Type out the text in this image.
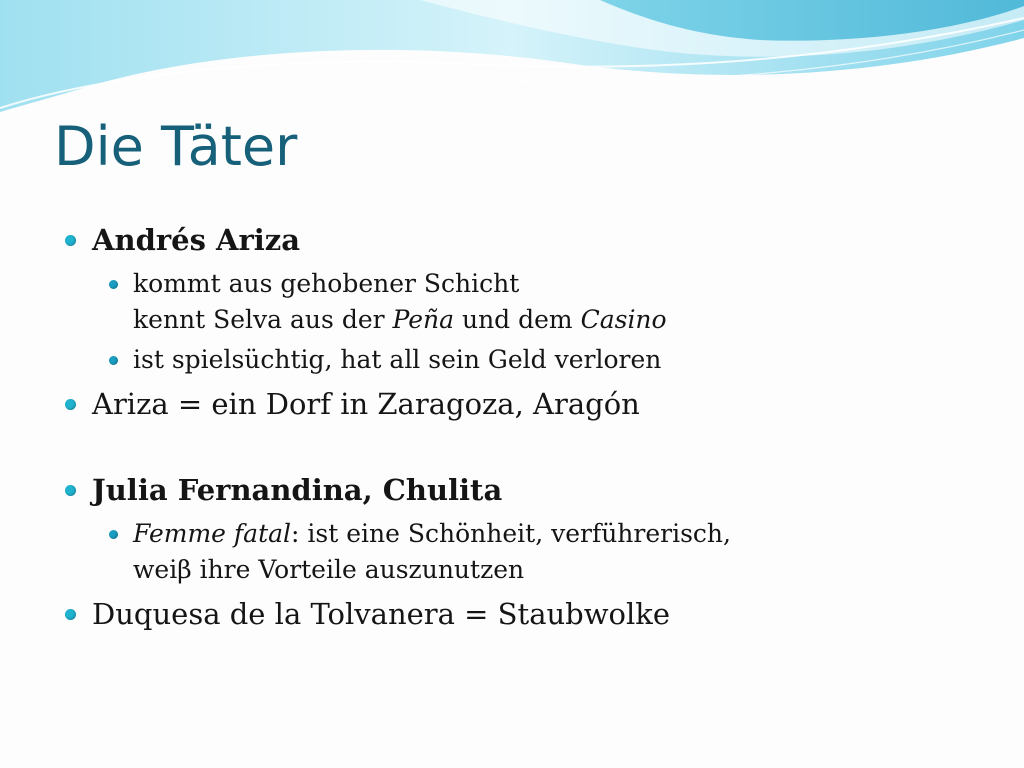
Die Täter
Andrés Ariza
kommt aus gehobener Schicht
kennt Selva aus der Peña und dem Casino
ist spielsüchtig, hat all sein Geld verloren
Ariza = ein Dorf in Zaragoza, Aragón
Julia Fernandina, Chulita
Femme fatal: ist eine Schönheit, verführerisch,
weiβ ihre Vorteile auszunutzen
Duquesa de la Tolvanera = Staubwolke
